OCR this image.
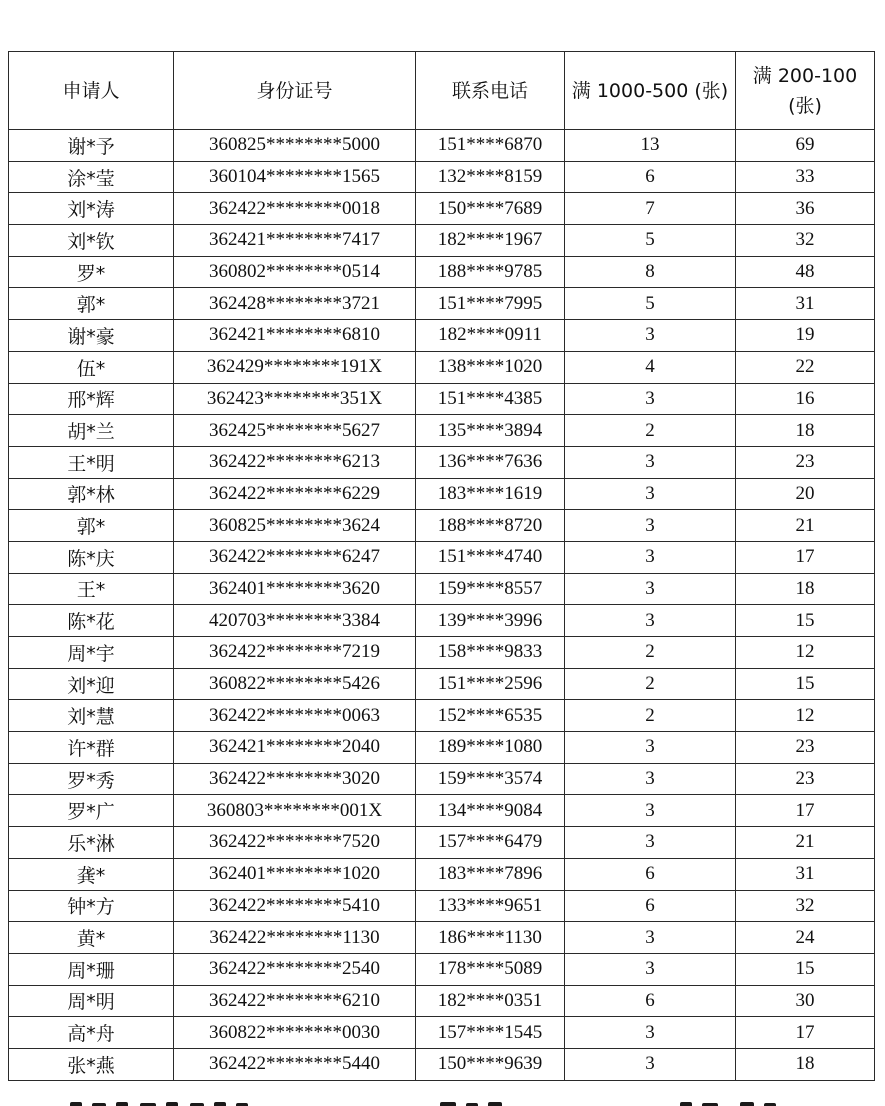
申请人	身份证号	联系电话	满 1000-500 (张)	满 200-100 (张)
谢*予	360825********5000	151****6870	13	69
涂*莹	360104********1565	132****8159	6	33
刘*涛	362422********0018	150****7689	7	36
刘*钦	362421********7417	182****1967	5	32
罗*	360802********0514	188****9785	8	48
郭*	362428********3721	151****7995	5	31
谢*豪	362421********6810	182****0911	3	19
伍*	362429********191X	138****1020	4	22
邢*辉	362423********351X	151****4385	3	16
胡*兰	362425********5627	135****3894	2	18
王*明	362422********6213	136****7636	3	23
郭*林	362422********6229	183****1619	3	20
郭*	360825********3624	188****8720	3	21
陈*庆	362422********6247	151****4740	3	17
王*	362401********3620	159****8557	3	18
陈*花	420703********3384	139****3996	3	15
周*宇	362422********7219	158****9833	2	12
刘*迎	360822********5426	151****2596	2	15
刘*慧	362422********0063	152****6535	2	12
许*群	362421********2040	189****1080	3	23
罗*秀	362422********3020	159****3574	3	23
罗*广	360803********001X	134****9084	3	17
乐*淋	362422********7520	157****6479	3	21
龚*	362401********1020	183****7896	6	31
钟*方	362422********5410	133****9651	6	32
黄*	362422********1130	186****1130	3	24
周*珊	362422********2540	178****5089	3	15
周*明	362422********6210	182****0351	6	30
高*舟	360822********0030	157****1545	3	17
张*燕	362422********5440	150****9639	3	18
